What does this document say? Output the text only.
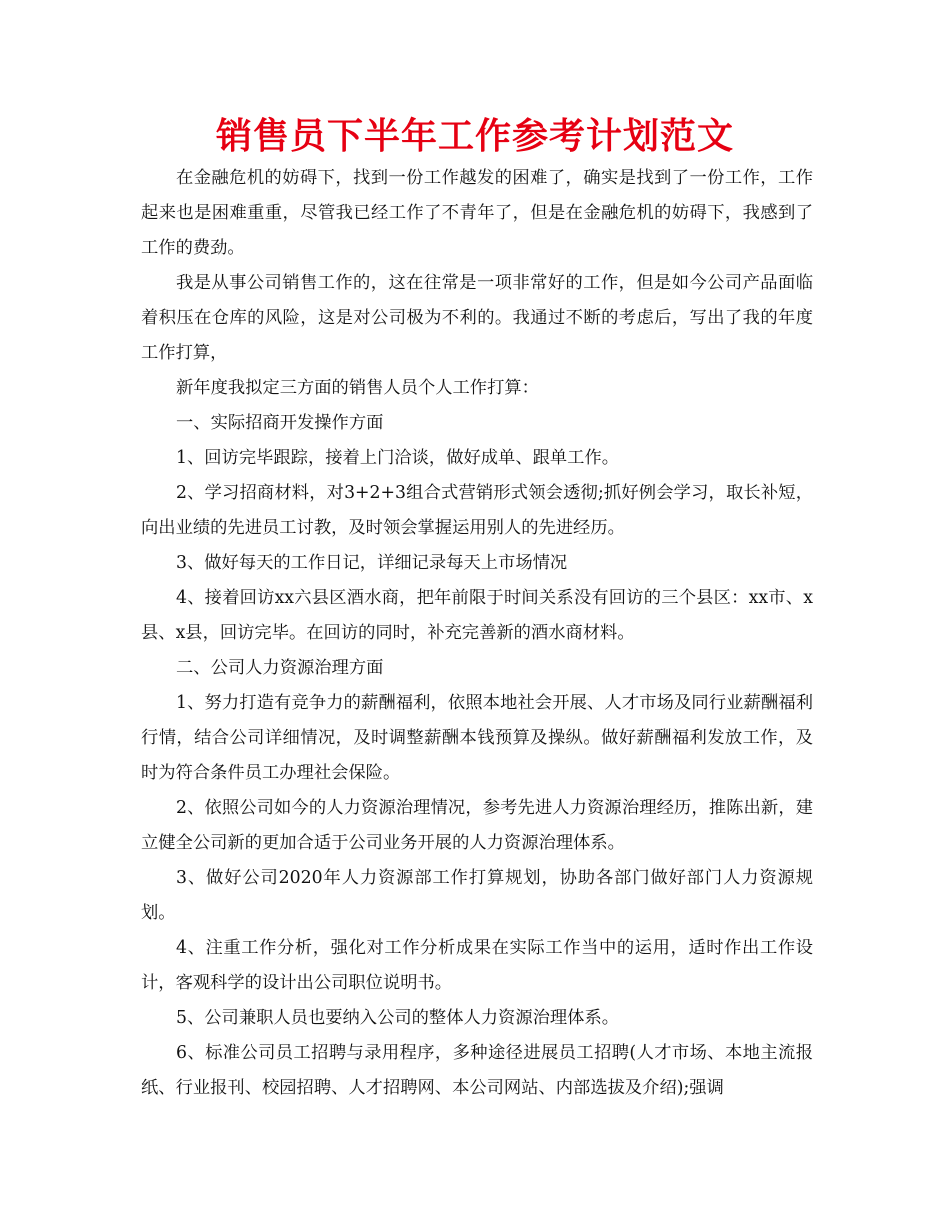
销售员下半年工作参考计划范文

在金融危机的妨碍下，找到一份工作越发的困难了，确实是找到了一份工作，工作起来也是困难重重，尽管我已经工作了不青年了，但是在金融危机的妨碍下，我感到了工作的费劲。

我是从事公司销售工作的，这在往常是一项非常好的工作，但是如今公司产品面临着积压在仓库的风险，这是对公司极为不利的。我通过不断的考虑后，写出了我的年度工作打算，

新年度我拟定三方面的销售人员个人工作打算：

一、实际招商开发操作方面

1、回访完毕跟踪，接着上门洽谈，做好成单、跟单工作。

2、学习招商材料，对3+2+3组合式营销形式领会透彻;抓好例会学习，取长补短，向出业绩的先进员工讨教，及时领会掌握运用别人的先进经历。

3、做好每天的工作日记，详细记录每天上市场情况

4、接着回访xx六县区酒水商，把年前限于时间关系没有回访的三个县区：xx市、x县、x县，回访完毕。在回访的同时，补充完善新的酒水商材料。

二、公司人力资源治理方面

1、努力打造有竞争力的薪酬福利，依照本地社会开展、人才市场及同行业薪酬福利行情，结合公司详细情况，及时调整薪酬本钱预算及操纵。做好薪酬福利发放工作，及时为符合条件员工办理社会保险。

2、依照公司如今的人力资源治理情况，参考先进人力资源治理经历，推陈出新，建立健全公司新的更加合适于公司业务开展的人力资源治理体系。

3、做好公司2020年人力资源部工作打算规划，协助各部门做好部门人力资源规划。

4、注重工作分析，强化对工作分析成果在实际工作当中的运用，适时作出工作设计，客观科学的设计出公司职位说明书。

5、公司兼职人员也要纳入公司的整体人力资源治理体系。

6、标准公司员工招聘与录用程序，多种途径进展员工招聘(人才市场、本地主流报纸、行业报刊、校园招聘、人才招聘网、本公司网站、内部选拔及介绍);强调
